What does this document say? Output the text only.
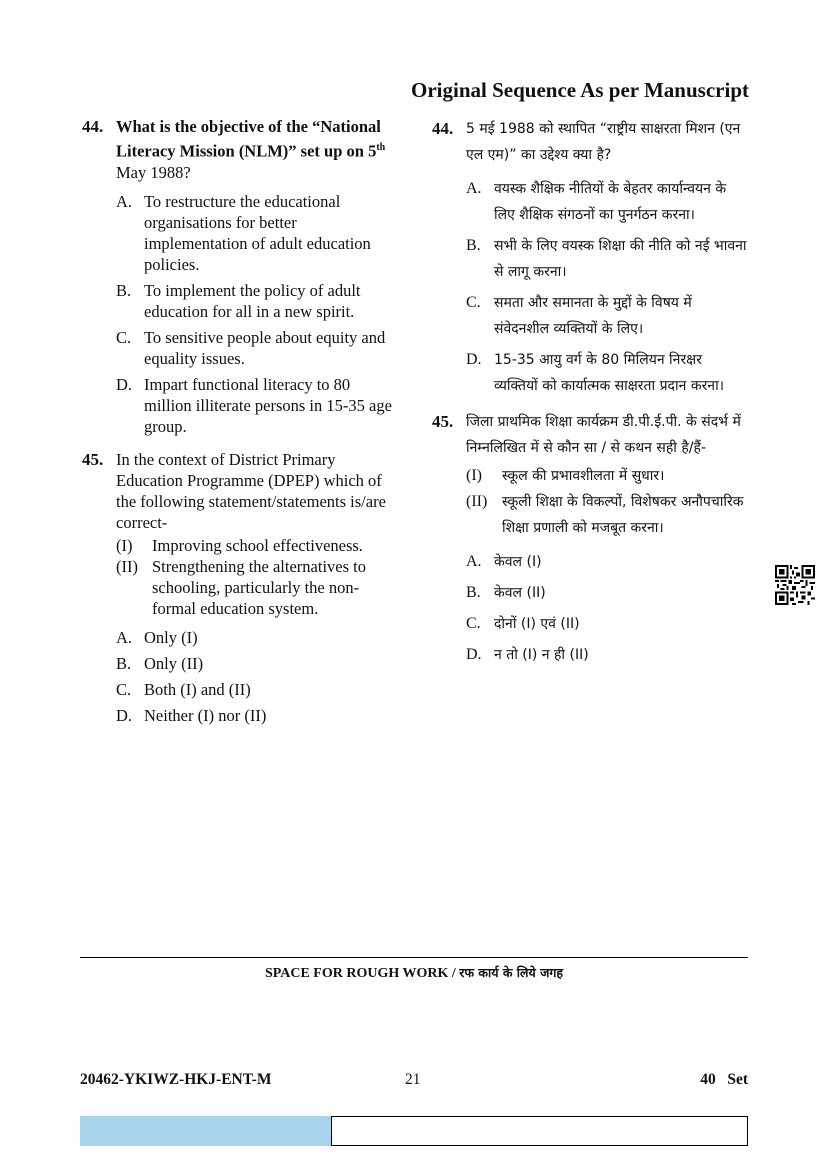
Original Sequence As per Manuscript
44. What is the objective of the “National Literacy Mission (NLM)” set up on 5th May 1988?
A. To restructure the educational organisations for better implementation of adult education policies.
B. To implement the policy of adult education for all in a new spirit.
C. To sensitive people about equity and equality issues.
D. Impart functional literacy to 80 million illiterate persons in 15-35 age group.
45. In the context of District Primary Education Programme (DPEP) which of the following statement/statements is/are correct-
(I)	Improving school effectiveness.
(II) Strengthening the alternatives to schooling, particularly the non-formal education system.
A. Only (I)
B. Only (II)
C. Both (I) and (II)
D. Neither (I) nor (II)
44. 5 मई 1988 को स्थापित “राष्ट्रीय साक्षरता मिशन (एन एल एम)” का उद्देश्य क्या है?
A. वयस्क शैक्षिक नीतियों के बेहतर कार्यान्वयन के लिए शैक्षिक संगठनों का पुनर्गठन करना।
B. सभी के लिए वयस्क शिक्षा की नीति को नई भावना से लागू करना।
C. समता और समानता के मुद्दों के विषय में संवेदनशील व्यक्तियों के लिए।
D. 15-35 आयु वर्ग के 80 मिलियन निरक्षर व्यक्तियों को कार्यात्मक साक्षरता प्रदान करना।
45. जिला प्राथमिक शिक्षा कार्यक्रम डी.पी.ई.पी. के संदर्भ में निम्नलिखित में से कौन सा / से कथन सही है/हैं-
(I)	स्कूल की प्रभावशीलता में सुधार।
(II)	स्कूली शिक्षा के विकल्पों, विशेषकर अनौपचारिक शिक्षा प्रणाली को मजबूत करना।
A. केवल (I)
B. केवल (II)
C. दोनों (I) एवं (II)
D. न तो (I) न ही (II)
SPACE FOR ROUGH WORK / रफ कार्य के लिये जगह
20462-YKIWZ-HKJ-ENT-M	21	40   Set
